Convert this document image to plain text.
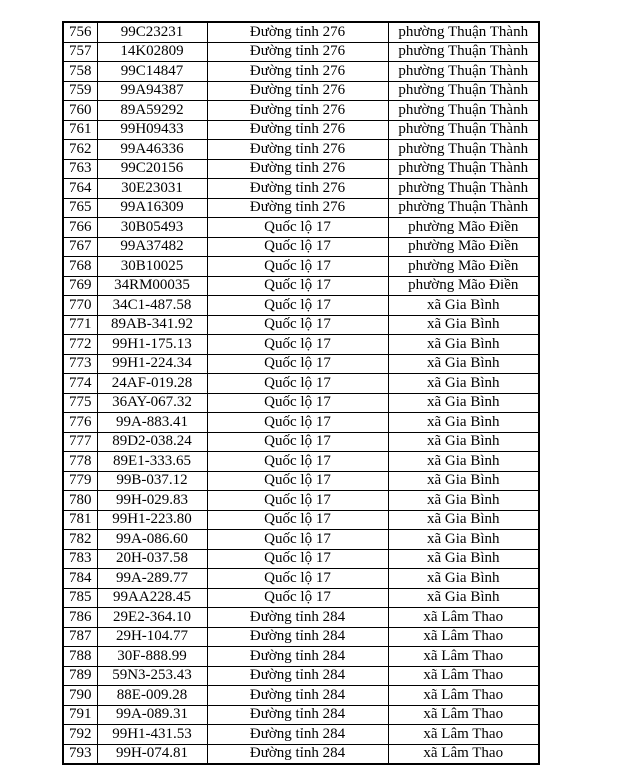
756	99C23231	Đường tỉnh 276	phường Thuận Thành
757	14K02809	Đường tỉnh 276	phường Thuận Thành
758	99C14847	Đường tỉnh 276	phường Thuận Thành
759	99A94387	Đường tỉnh 276	phường Thuận Thành
760	89A59292	Đường tỉnh 276	phường Thuận Thành
761	99H09433	Đường tỉnh 276	phường Thuận Thành
762	99A46336	Đường tỉnh 276	phường Thuận Thành
763	99C20156	Đường tỉnh 276	phường Thuận Thành
764	30E23031	Đường tỉnh 276	phường Thuận Thành
765	99A16309	Đường tỉnh 276	phường Thuận Thành
766	30B05493	Quốc lộ 17	phường Mão Điền
767	99A37482	Quốc lộ 17	phường Mão Điền
768	30B10025	Quốc lộ 17	phường Mão Điền
769	34RM00035	Quốc lộ 17	phường Mão Điền
770	34C1-487.58	Quốc lộ 17	xã Gia Bình
771	89AB-341.92	Quốc lộ 17	xã Gia Bình
772	99H1-175.13	Quốc lộ 17	xã Gia Bình
773	99H1-224.34	Quốc lộ 17	xã Gia Bình
774	24AF-019.28	Quốc lộ 17	xã Gia Bình
775	36AY-067.32	Quốc lộ 17	xã Gia Bình
776	99A-883.41	Quốc lộ 17	xã Gia Bình
777	89D2-038.24	Quốc lộ 17	xã Gia Bình
778	89E1-333.65	Quốc lộ 17	xã Gia Bình
779	99B-037.12	Quốc lộ 17	xã Gia Bình
780	99H-029.83	Quốc lộ 17	xã Gia Bình
781	99H1-223.80	Quốc lộ 17	xã Gia Bình
782	99A-086.60	Quốc lộ 17	xã Gia Bình
783	20H-037.58	Quốc lộ 17	xã Gia Bình
784	99A-289.77	Quốc lộ 17	xã Gia Bình
785	99AA228.45	Quốc lộ 17	xã Gia Bình
786	29E2-364.10	Đường tỉnh 284	xã Lâm Thao
787	29H-104.77	Đường tỉnh 284	xã Lâm Thao
788	30F-888.99	Đường tỉnh 284	xã Lâm Thao
789	59N3-253.43	Đường tỉnh 284	xã Lâm Thao
790	88E-009.28	Đường tỉnh 284	xã Lâm Thao
791	99A-089.31	Đường tỉnh 284	xã Lâm Thao
792	99H1-431.53	Đường tỉnh 284	xã Lâm Thao
793	99H-074.81	Đường tỉnh 284	xã Lâm Thao
